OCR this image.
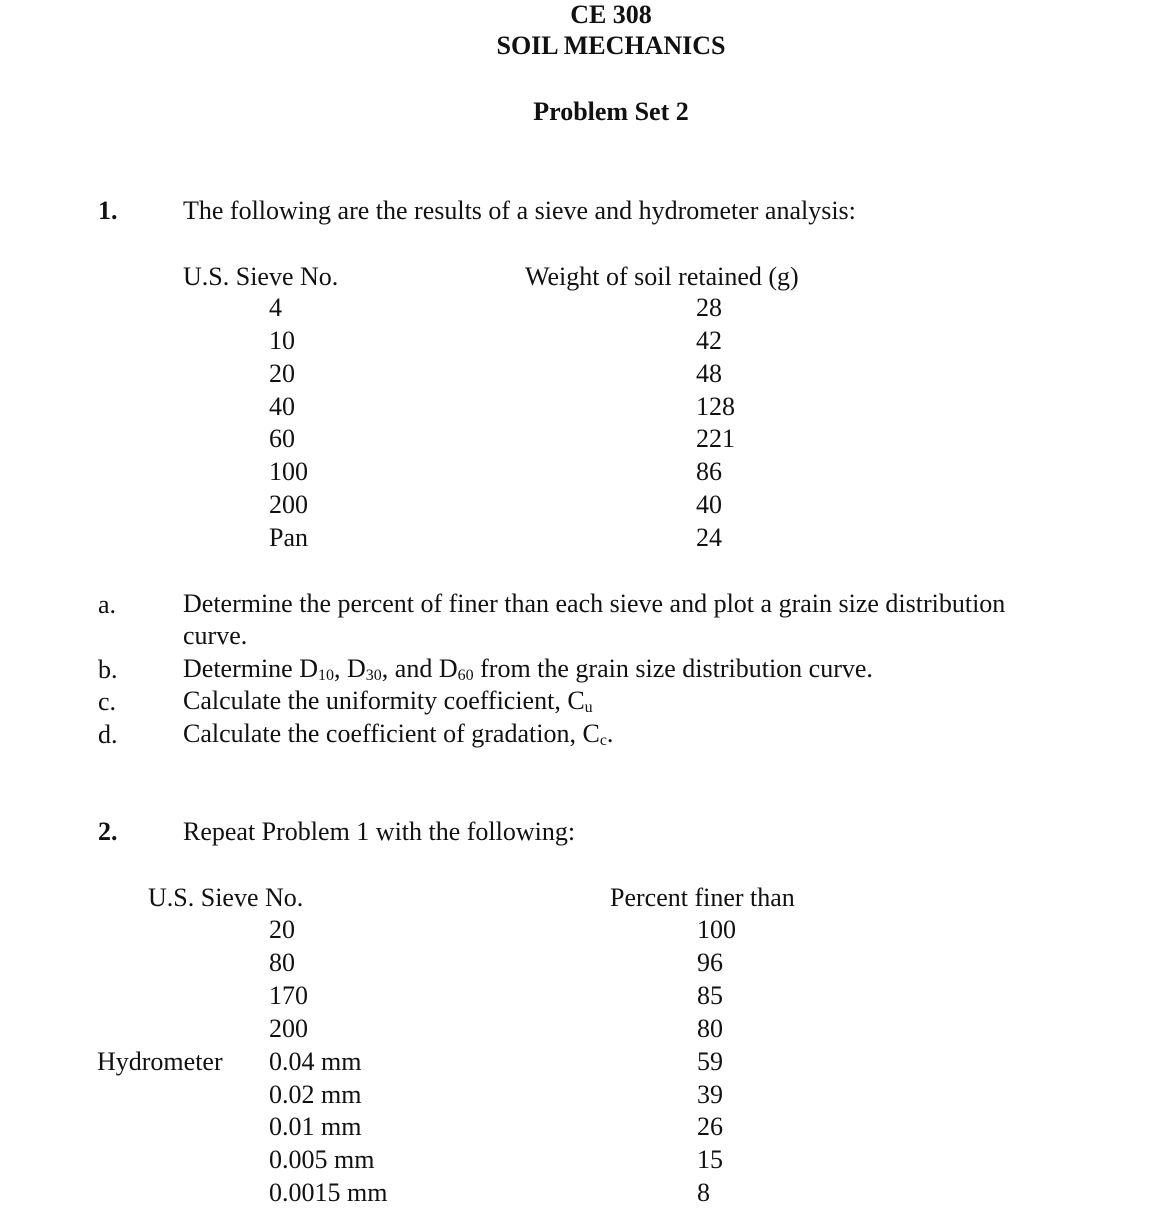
CE 308
SOIL MECHANICS
Problem Set 2
1.	The following are the results of a sieve and hydrometer analysis:
U.S. Sieve No.	Weight of soil retained (g)
4	28
10	42
20	48
40	128
60	221
100	86
200	40
Pan	24
a.	Determine the percent of finer than each sieve and plot a grain size distribution
curve.
b.	Determine $D_{10}$, $D_{30}$, and $D_{60}$ from the grain size distribution curve.
c.	Calculate the uniformity coefficient, $C_u$
d.	Calculate the coefficient of gradation, $C_c$.
2.	Repeat Problem 1 with the following:
U.S. Sieve No.	Percent finer than
20	100
80	96
170	85
200	80
Hydrometer 0.04 mm	59
0.02 mm	39
0.01 mm	26
0.005 mm	15
0.0015 mm	8
